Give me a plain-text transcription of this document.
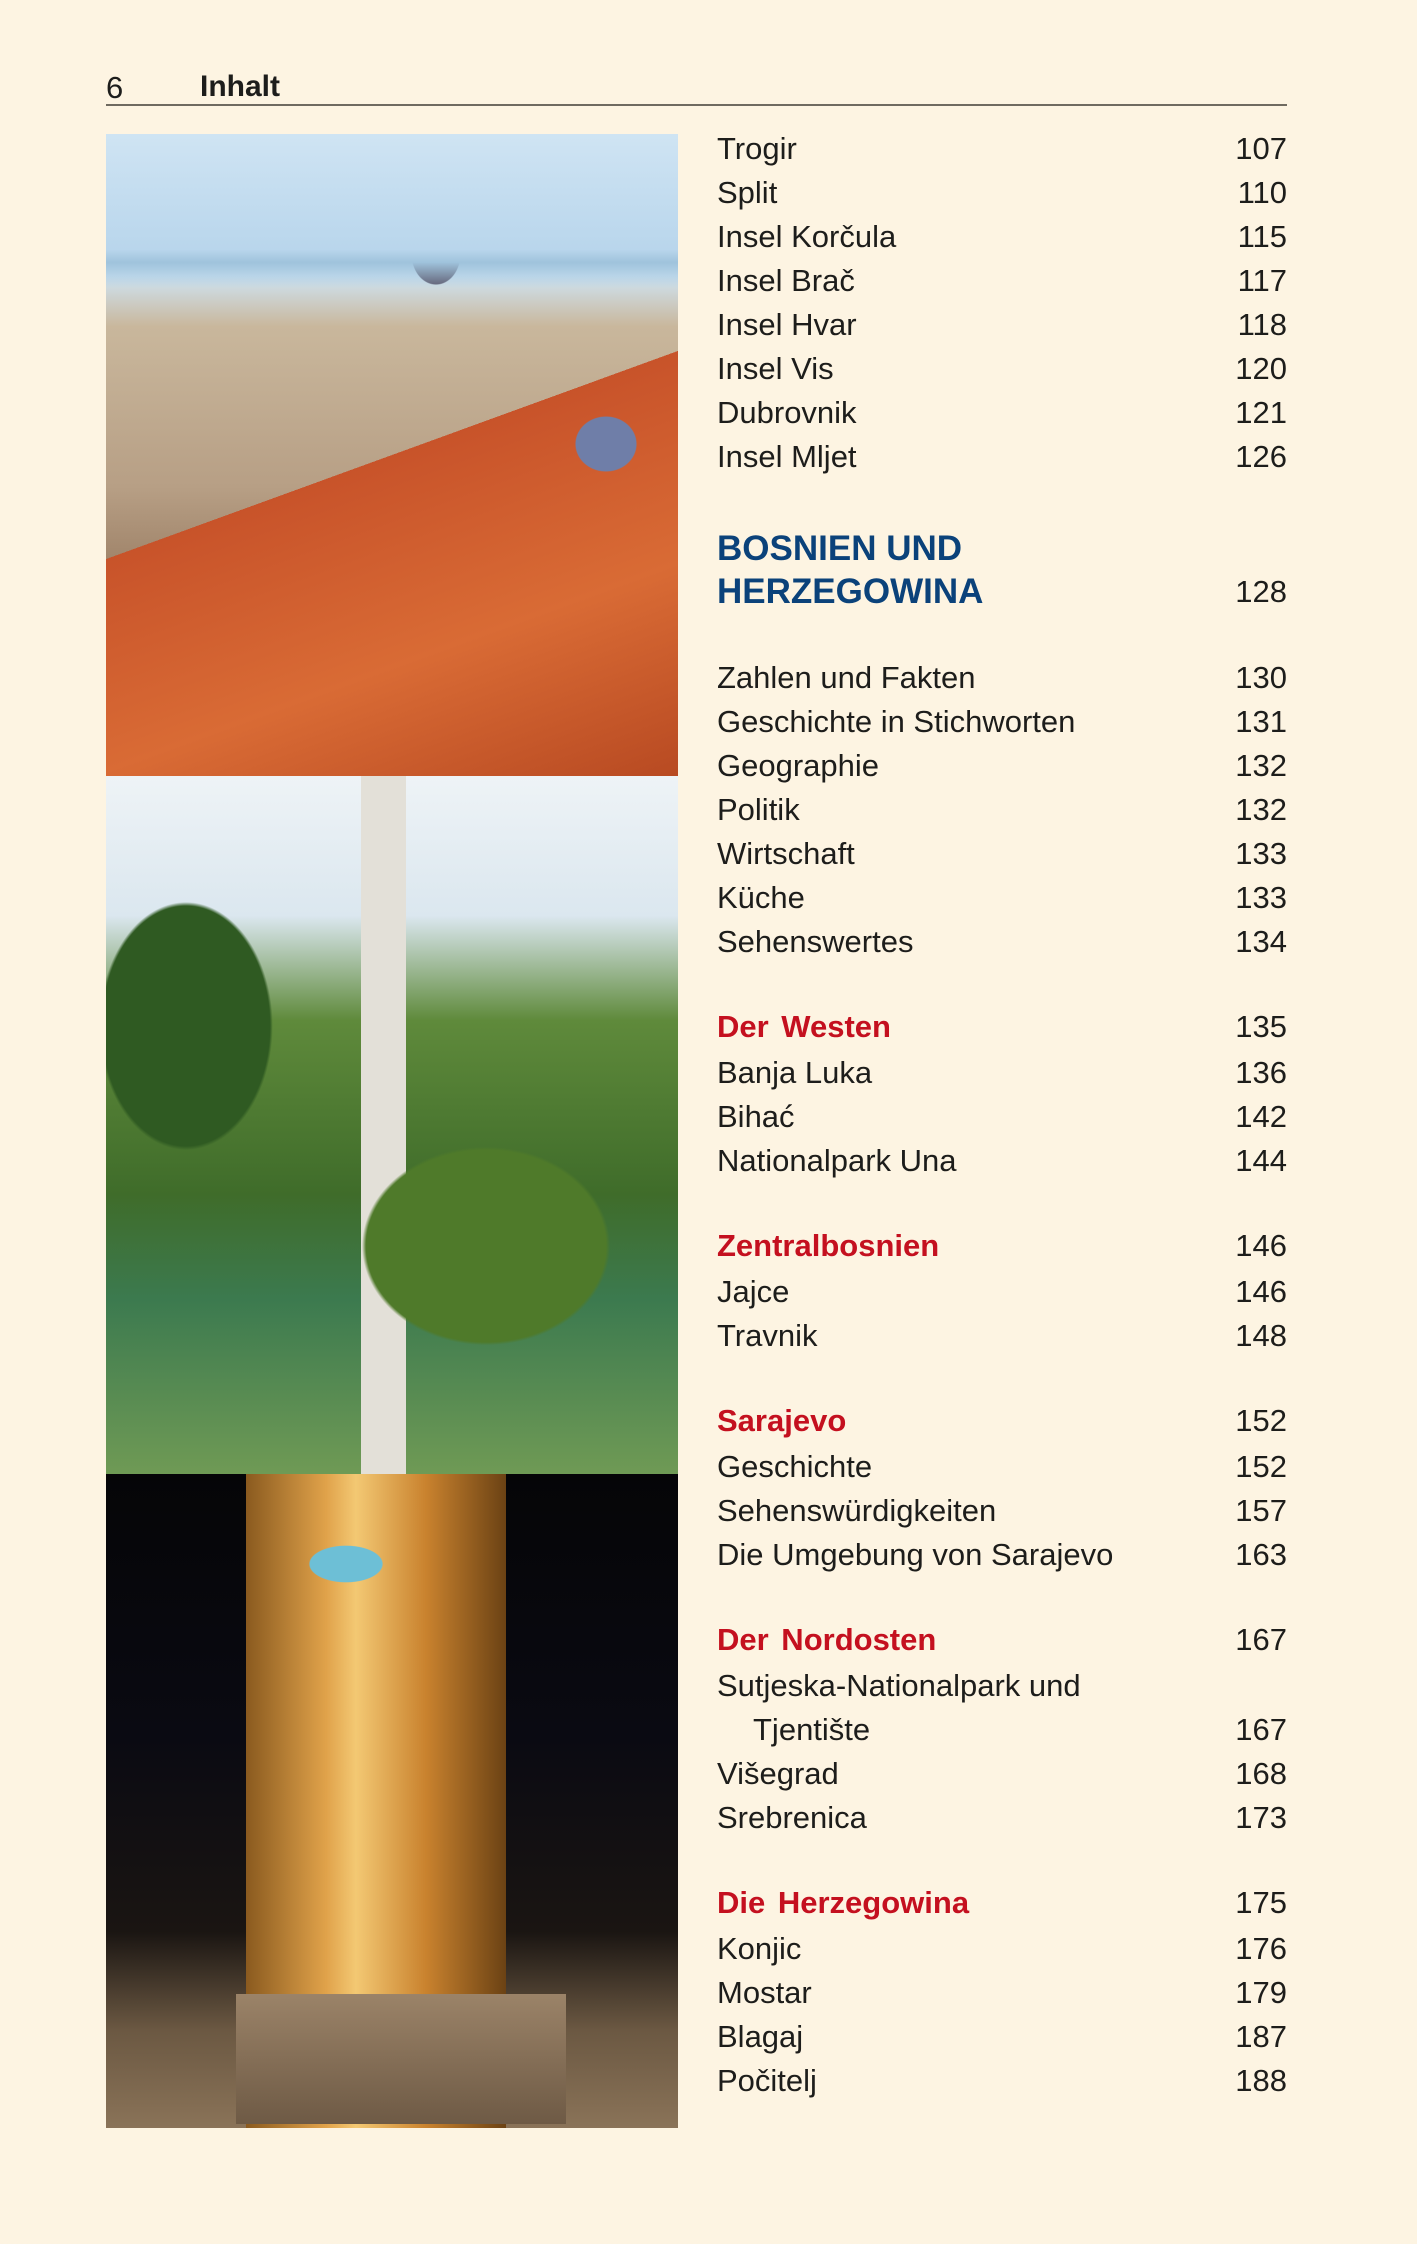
6	Inhalt
Trogir	107
Split	110
Insel Korčula	115
Insel Brač	117
Insel Hvar	118
Insel Vis	120
Dubrovnik	121
Insel Mljet	126
BOSNIEN UND HERZEGOWINA	128
Zahlen und Fakten	130
Geschichte in Stichworten	131
Geographie	132
Politik	132
Wirtschaft	133
Küche	133
Sehenswertes	134
Der Westen	135
Banja Luka	136
Bihać	142
Nationalpark Una	144
Zentralbosnien	146
Jajce	146
Travnik	148
Sarajevo	152
Geschichte	152
Sehenswürdigkeiten	157
Die Umgebung von Sarajevo	163
Der Nordosten	167
Sutjeska-Nationalpark und
Tjentište	167
Višegrad	168
Srebrenica	173
Die Herzegowina	175
Konjic	176
Mostar	179
Blagaj	187
Počitelj	188
